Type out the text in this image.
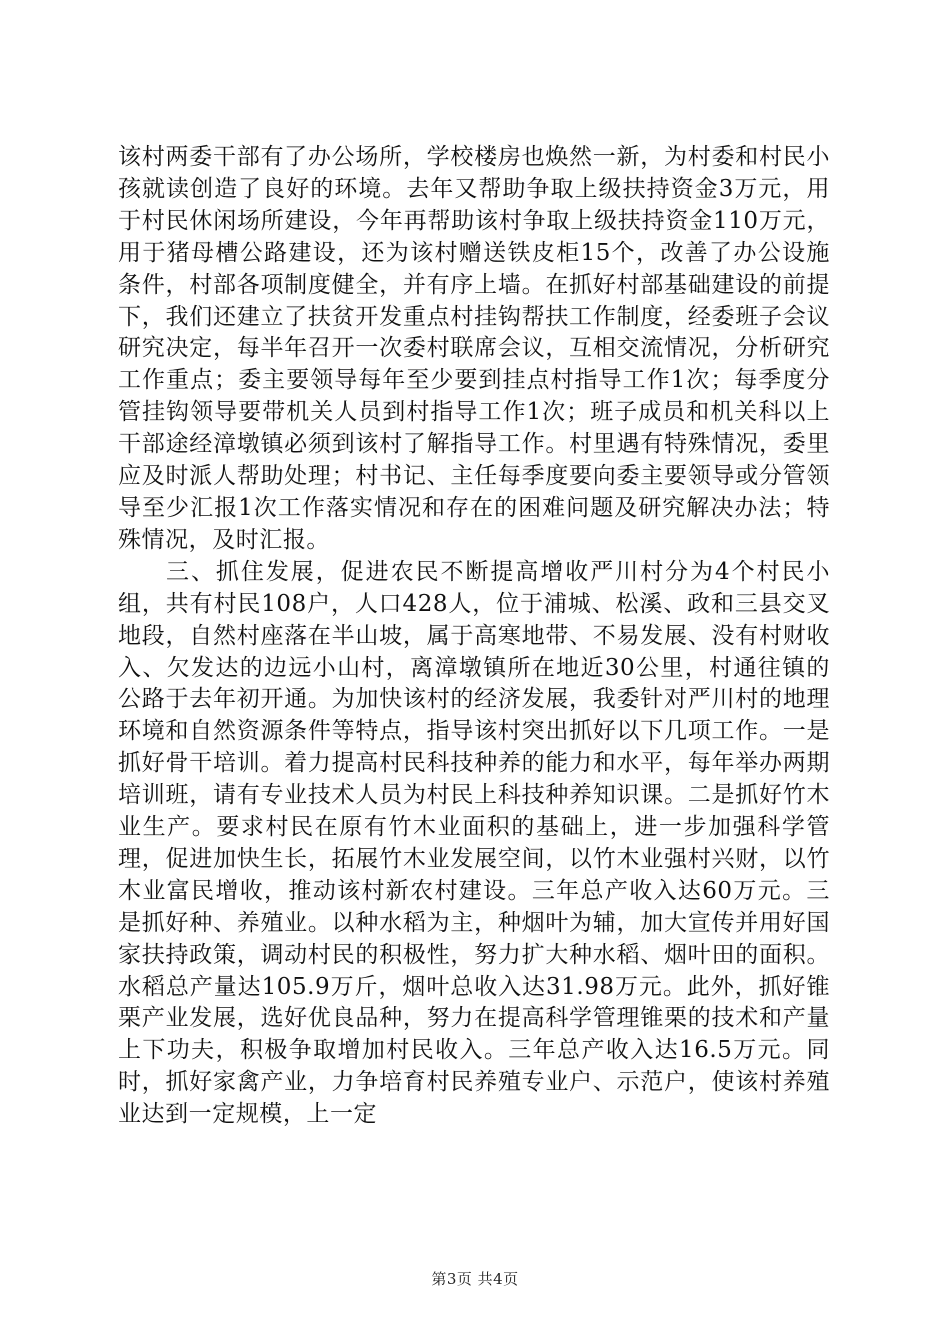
该村两委干部有了办公场所，学校楼房也焕然一新，为村委和村民小孩就读创造了良好的环境。去年又帮助争取上级扶持资金3万元，用于村民休闲场所建设，今年再帮助该村争取上级扶持资金110万元，用于猪母槽公路建设，还为该村赠送铁皮柜15个，改善了办公设施条件，村部各项制度健全，并有序上墙。在抓好村部基础建设的前提下，我们还建立了扶贫开发重点村挂钩帮扶工作制度，经委班子会议研究决定，每半年召开一次委村联席会议，互相交流情况，分析研究工作重点；委主要领导每年至少要到挂点村指导工作1次；每季度分管挂钩领导要带机关人员到村指导工作1次；班子成员和机关科以上干部途经漳墩镇必须到该村了解指导工作。村里遇有特殊情况，委里应及时派人帮助处理；村书记、主任每季度要向委主要领导或分管领导至少汇报1次工作落实情况和存在的困难问题及研究解决办法；特殊情况，及时汇报。

三、抓住发展，促进农民不断提高增收严川村分为4个村民小组，共有村民108户，人口428人，位于浦城、松溪、政和三县交叉地段，自然村座落在半山坡，属于高寒地带、不易发展、没有村财收入、欠发达的边远小山村，离漳墩镇所在地近30公里，村通往镇的公路于去年初开通。为加快该村的经济发展，我委针对严川村的地理环境和自然资源条件等特点，指导该村突出抓好以下几项工作。一是抓好骨干培训。着力提高村民科技种养的能力和水平，每年举办两期培训班，请有专业技术人员为村民上科技种养知识课。二是抓好竹木业生产。要求村民在原有竹木业面积的基础上，进一步加强科学管理，促进加快生长，拓展竹木业发展空间，以竹木业强村兴财，以竹木业富民增收，推动该村新农村建设。三年总产收入达60万元。三是抓好种、养殖业。以种水稻为主，种烟叶为辅，加大宣传并用好国家扶持政策，调动村民的积极性，努力扩大种水稻、烟叶田的面积。水稻总产量达105.9万斤，烟叶总收入达31.98万元。此外，抓好锥栗产业发展，选好优良品种，努力在提高科学管理锥栗的技术和产量上下功夫，积极争取增加村民收入。三年总产收入达16.5万元。同时，抓好家禽产业，力争培育村民养殖专业户、示范户，使该村养殖业达到一定规模，上一定

第3页 共4页
